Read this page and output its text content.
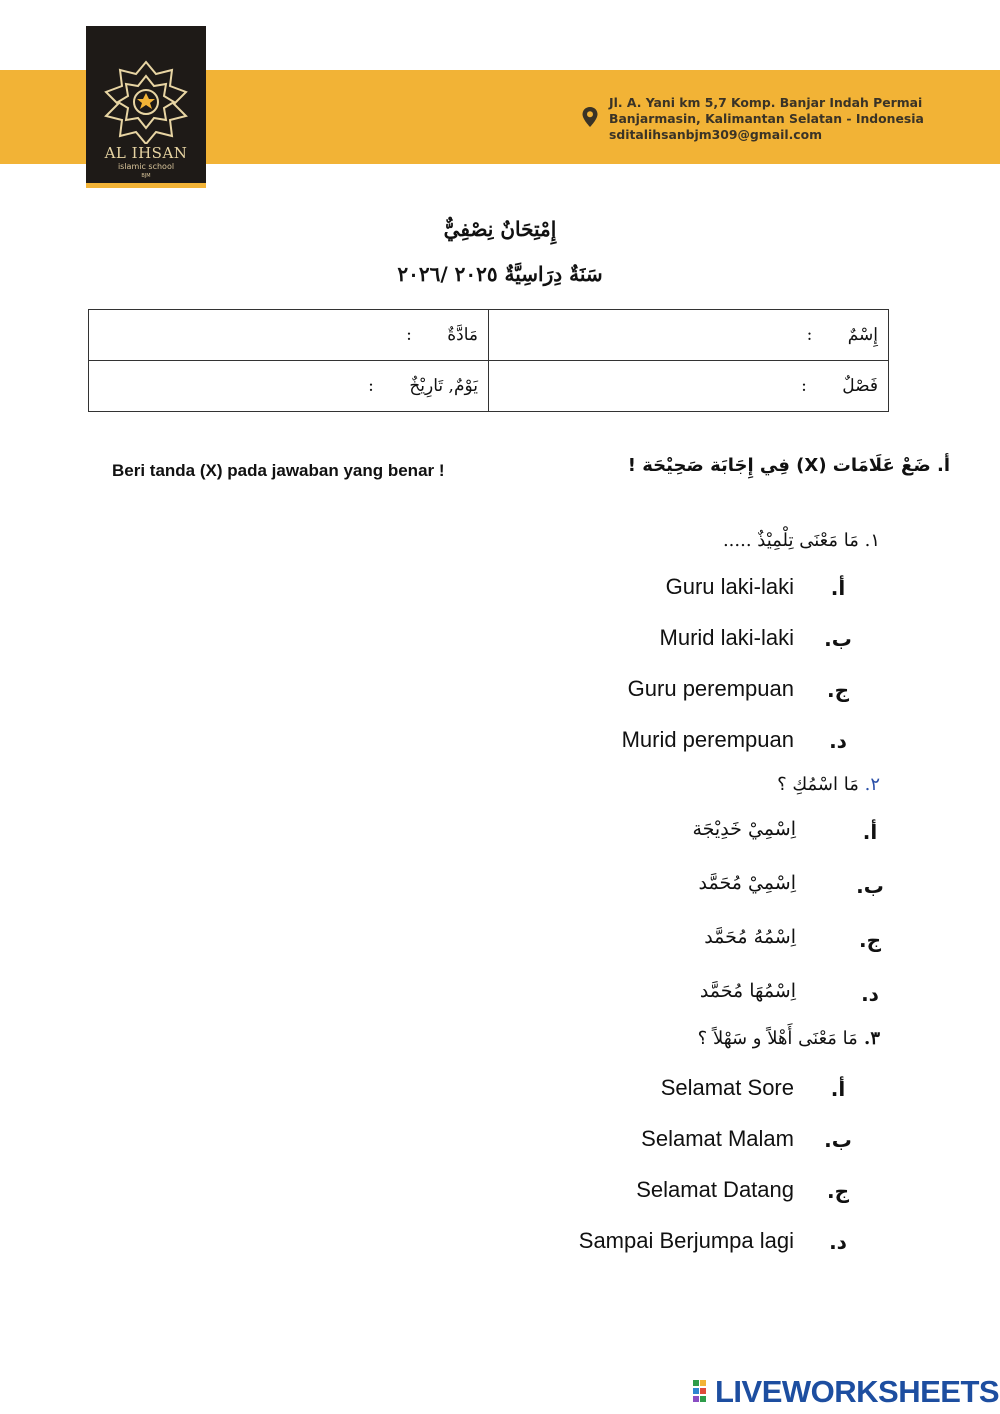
AL IHSAN
islamic school
BJM
Jl. A. Yani km 5,7 Komp. Banjar Indah Permai
Banjarmasin, Kalimantan Selatan - Indonesia
sditalihsanbjm309@gmail.com
إِمْتِحَانٌ نِصْفِيٌّ
سَنَةٌ دِرَاسِيَّةٌ ٢٠٢٥ /٢٠٢٦
إِسْمٌ :	مَادَّةٌ :
فَصْلٌ :	يَوْمٌ, تَارِيْخٌ :
أ. ضَعْ عَلَامَات (X) فِي إِجَابَة صَحِيْحَة !
Beri tanda (X) pada jawaban yang benar !
١. مَا مَعْنَى تِلْمِيْذٌ .....
أ.
Guru laki-laki
ب.
Murid laki-laki
ج.
Guru perempuan
د.
Murid perempuan
٢. مَا اسْمُكِ ؟
أ.
اِسْمِيْ خَدِيْجَة
ب.
اِسْمِيْ مُحَمَّد
ج.
اِسْمُهُ مُحَمَّد
د.
اِسْمُهَا مُحَمَّد
٣. مَا مَعْنَى أَهْلاً و سَهْلاً ؟
أ.
Selamat Sore
ب.
Selamat Malam
ج.
Selamat Datang
د.
Sampai Berjumpa lagi
LIVEWORKSHEETS
